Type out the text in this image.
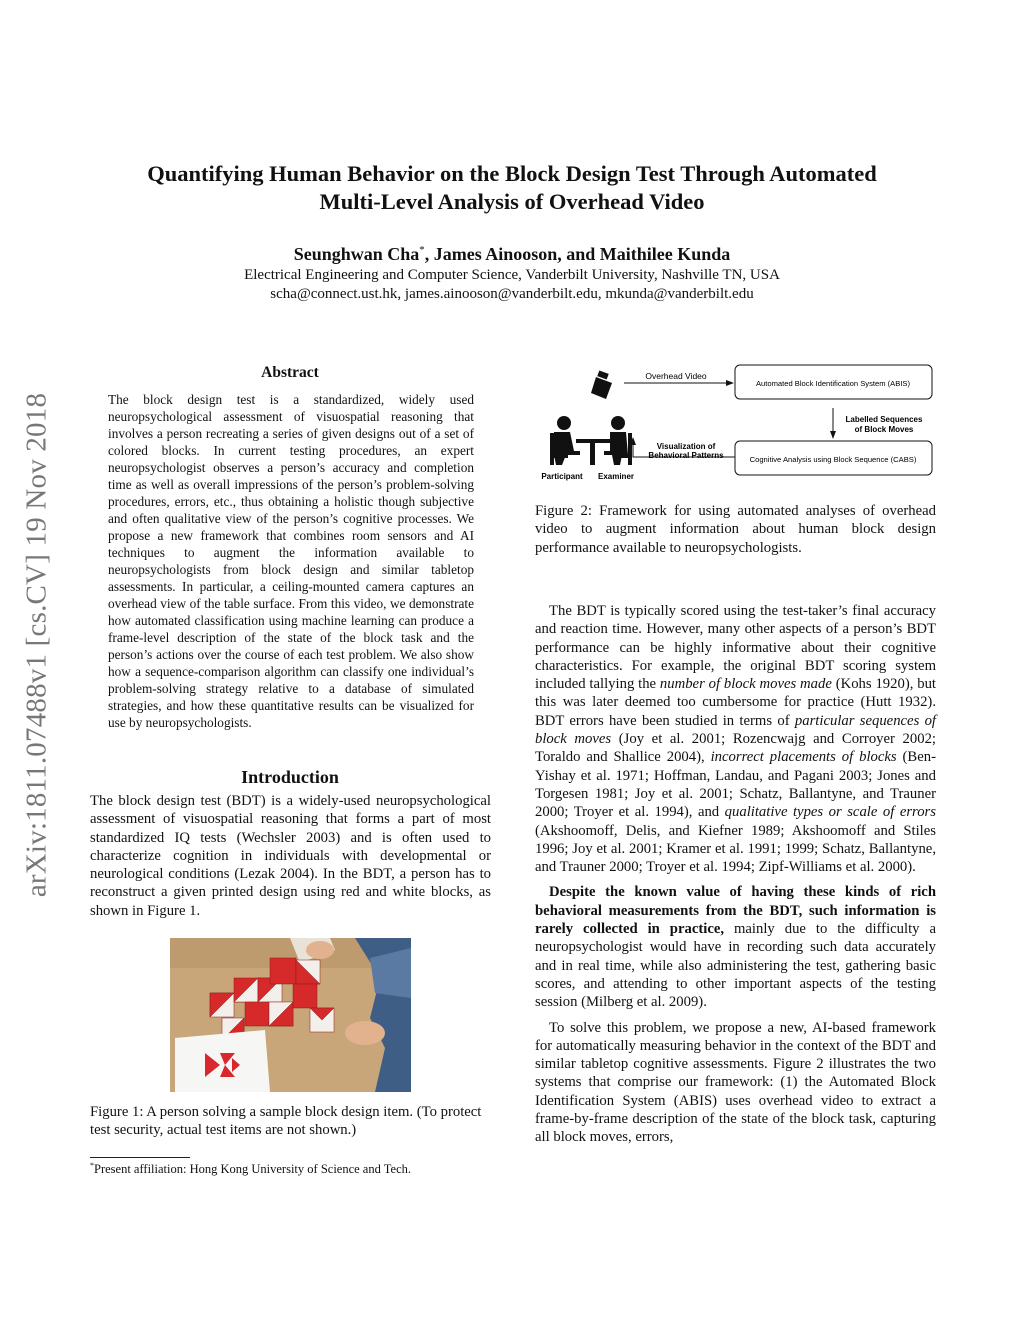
arXiv:1811.07488v1 [cs.CV] 19 Nov 2018
Quantifying Human Behavior on the Block Design Test Through Automated
Multi-Level Analysis of Overhead Video
Seunghwan Cha*, James Ainooson, and Maithilee Kunda
Electrical Engineering and Computer Science, Vanderbilt University, Nashville TN, USA
scha@connect.ust.hk, james.ainooson@vanderbilt.edu, mkunda@vanderbilt.edu
Abstract
The block design test is a standardized, widely used neuropsychological assessment of visuospatial reasoning that involves a person recreating a series of given designs out of a set of colored blocks. In current testing procedures, an expert neuropsychologist observes a person’s accuracy and completion time as well as overall impressions of the person’s problem-solving procedures, errors, etc., thus obtaining a holistic though subjective and often qualitative view of the person’s cognitive processes. We propose a new framework that combines room sensors and AI techniques to augment the information available to neuropsychologists from block design and similar tabletop assessments. In particular, a ceiling-mounted camera captures an overhead view of the table surface. From this video, we demonstrate how automated classification using machine learning can produce a frame-level description of the state of the block task and the person’s actions over the course of each test problem. We also show how a sequence-comparison algorithm can classify one individual’s problem-solving strategy relative to a database of simulated strategies, and how these quantitative results can be visualized for use by neuropsychologists.
Introduction
The block design test (BDT) is a widely-used neuropsychological assessment of visuospatial reasoning that forms a part of most standardized IQ tests (Wechsler 2003) and is often used to characterize cognition in individuals with developmental or neurological conditions (Lezak 2004). In the BDT, a person has to reconstruct a given printed design using red and white blocks, as shown in Figure 1.
Figure 1: A person solving a sample block design item. (To protect test security, actual test items are not shown.)
*Present affiliation: Hong Kong University of Science and Tech.
Overhead Video
Automated Block Identification System (ABIS)
Labelled Sequences
of Block Moves
Cognitive Analysis using Block Sequence (CABS)
Visualization of
Behavioral Patterns
Participant Examiner
Figure 2: Framework for using automated analyses of overhead video to augment information about human block design performance available to neuropsychologists.

The BDT is typically scored using the test-taker’s final accuracy and reaction time. However, many other aspects of a person’s BDT performance can be highly informative about their cognitive characteristics. For example, the original BDT scoring system included tallying the number of block moves made (Kohs 1920), but this was later deemed too cumbersome for practice (Hutt 1932). BDT errors have been studied in terms of particular sequences of block moves (Joy et al. 2001; Rozencwajg and Corroyer 2002; Toraldo and Shallice 2004), incorrect placements of blocks (Ben-Yishay et al. 1971; Hoffman, Landau, and Pagani 2003; Jones and Torgesen 1981; Joy et al. 2001; Schatz, Ballantyne, and Trauner 2000; Troyer et al. 1994), and qualitative types or scale of errors (Akshoomoff, Delis, and Kiefner 1989; Akshoomoff and Stiles 1996; Joy et al. 2001; Kramer et al. 1991; 1999; Schatz, Ballantyne, and Trauner 2000; Troyer et al. 1994; Zipf-Williams et al. 2000).

Despite the known value of having these kinds of rich behavioral measurements from the BDT, such information is rarely collected in practice, mainly due to the difficulty a neuropsychologist would have in recording such data accurately and in real time, while also administering the test, gathering basic scores, and attending to other important aspects of the testing session (Milberg et al. 2009).

To solve this problem, we propose a new, AI-based framework for automatically measuring behavior in the context of the BDT and similar tabletop cognitive assessments. Figure 2 illustrates the two systems that comprise our framework: (1) the Automated Block Identification System (ABIS) uses overhead video to extract a frame-by-frame description of the state of the block task, capturing all block moves, errors,
